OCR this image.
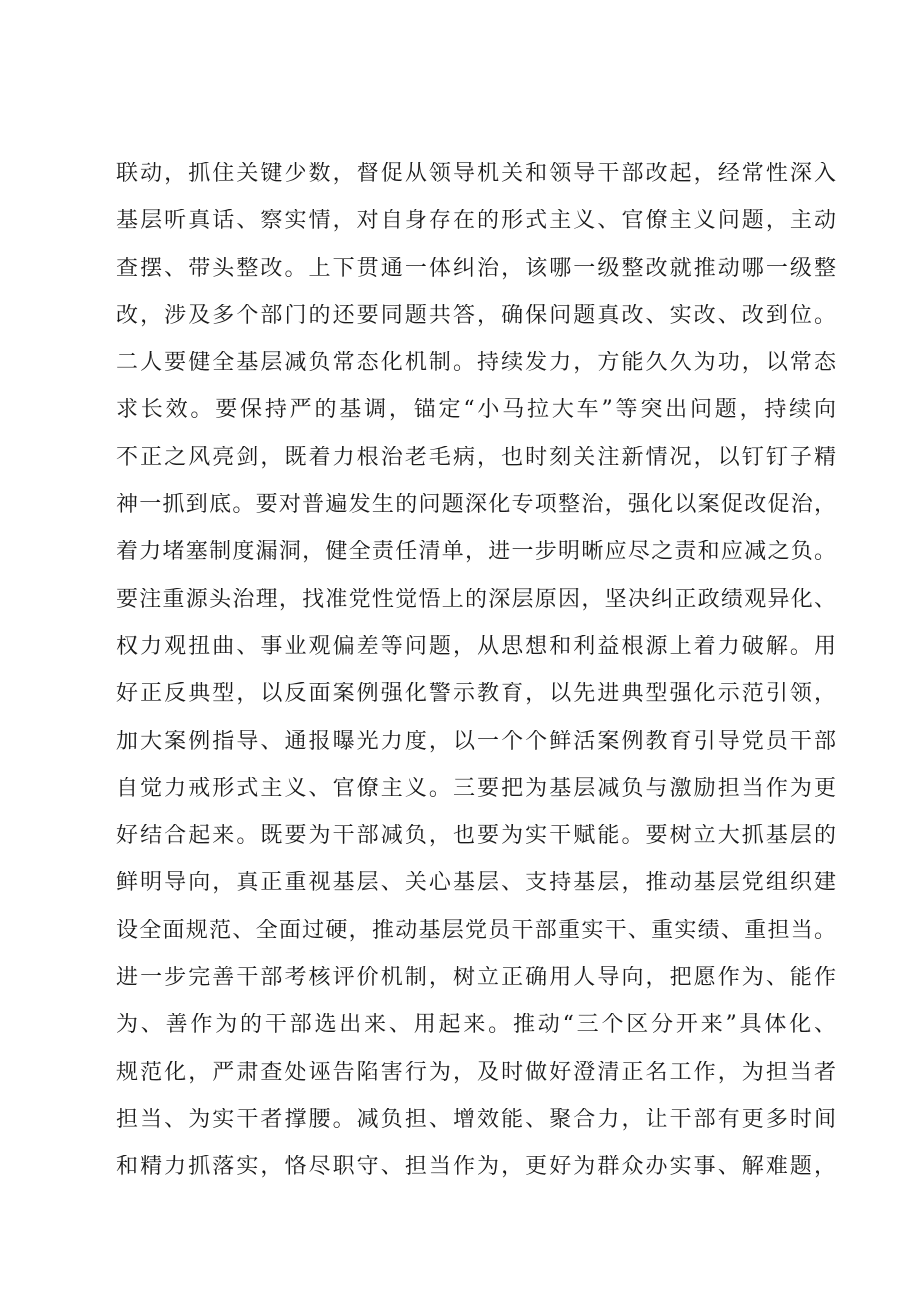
联动，抓住关键少数，督促从领导机关和领导干部改起，经常性深入
基层听真话、察实情，对自身存在的形式主义、官僚主义问题，主动
查摆、带头整改。上下贯通一体纠治，该哪一级整改就推动哪一级整
改，涉及多个部门的还要同题共答，确保问题真改、实改、改到位。
二人要健全基层减负常态化机制。持续发力，方能久久为功，以常态
求长效。要保持严的基调，锚定“小马拉大车”等突出问题，持续向
不正之风亮剑，既着力根治老毛病，也时刻关注新情况，以钉钉子精
神一抓到底。要对普遍发生的问题深化专项整治，强化以案促改促治，
着力堵塞制度漏洞，健全责任清单，进一步明晰应尽之责和应减之负。
要注重源头治理，找准党性觉悟上的深层原因，坚决纠正政绩观异化、
权力观扭曲、事业观偏差等问题，从思想和利益根源上着力破解。用
好正反典型，以反面案例强化警示教育，以先进典型强化示范引领，
加大案例指导、通报曝光力度，以一个个鲜活案例教育引导党员干部
自觉力戒形式主义、官僚主义。三要把为基层减负与激励担当作为更
好结合起来。既要为干部减负，也要为实干赋能。要树立大抓基层的
鲜明导向，真正重视基层、关心基层、支持基层，推动基层党组织建
设全面规范、全面过硬，推动基层党员干部重实干、重实绩、重担当。
进一步完善干部考核评价机制，树立正确用人导向，把愿作为、能作
为、善作为的干部选出来、用起来。推动“三个区分开来”具体化、
规范化，严肃查处诬告陷害行为，及时做好澄清正名工作，为担当者
担当、为实干者撑腰。减负担、增效能、聚合力，让干部有更多时间
和精力抓落实，恪尽职守、担当作为，更好为群众办实事、解难题，
